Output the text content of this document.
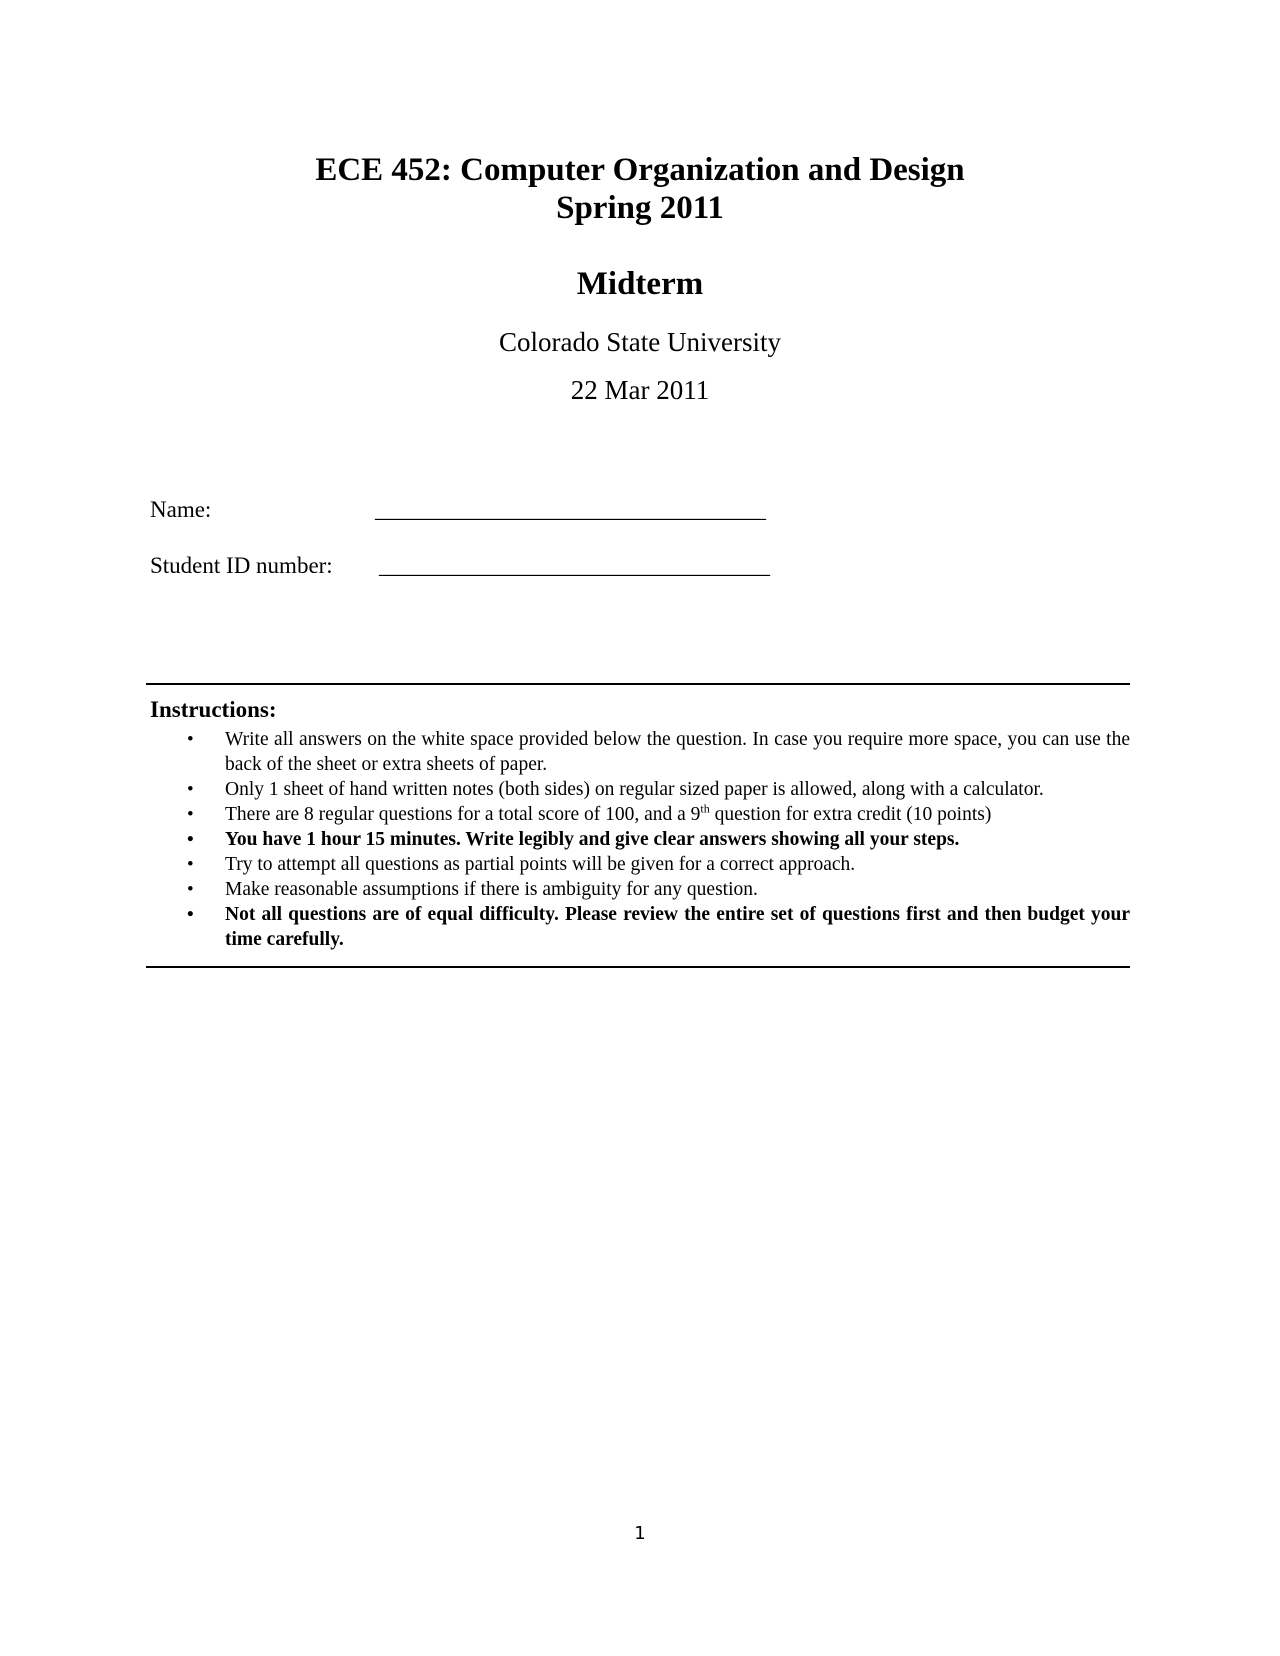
ECE 452: Computer Organization and Design
Spring 2011
Midterm
Colorado State University
22 Mar 2011
Name:	__________________________________
Student ID number: __________________________________
Instructions:
• Write all answers on the white space provided below the question. In case you require more space, you can use the back of the sheet or extra sheets of paper.
• Only 1 sheet of hand written notes (both sides) on regular sized paper is allowed, along with a calculator.
• There are 8 regular questions for a total score of 100, and a 9th question for extra credit (10 points)
• You have 1 hour 15 minutes. Write legibly and give clear answers showing all your steps.
• Try to attempt all questions as partial points will be given for a correct approach.
• Make reasonable assumptions if there is ambiguity for any question.
• Not all questions are of equal difficulty. Please review the entire set of questions first and then budget your time carefully.
1
